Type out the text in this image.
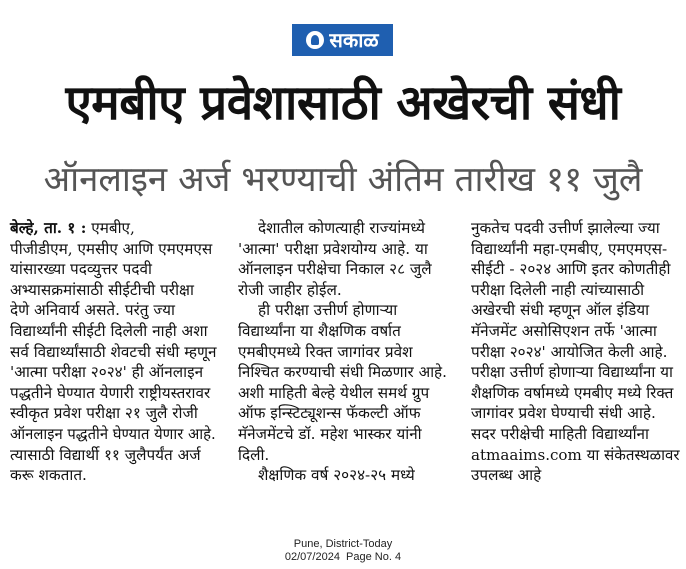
सकाळ
एमबीए प्रवेशासाठी अखेरची संधी
ऑनलाइन अर्ज भरण्याची अंतिम तारीख ११ जुलै
बेल्हे, ता. १ : एमबीए,
पीजीडीएम, एमसीए आणि एमएमएस
यांसारख्या पदव्युत्तर पदवी
अभ्यासक्रमांसाठी सीईटीची परीक्षा
देणे अनिवार्य असते. परंतु ज्या
विद्यार्थ्यांनी सीईटी दिलेली नाही अशा
सर्व विद्यार्थ्यांसाठी शेवटची संधी म्हणून
'आत्मा परीक्षा २०२४' ही ऑनलाइन
पद्धतीने घेण्यात येणारी राष्ट्रीयस्तरावर
स्वीकृत प्रवेश परीक्षा २१ जुलै रोजी
ऑनलाइन पद्धतीने घेण्यात येणार आहे.
त्यासाठी विद्यार्थी ११ जुलैपर्यंत अर्ज
करू शकतात.
देशातील कोणत्याही राज्यांमध्ये
'आत्मा' परीक्षा प्रवेशयोग्य आहे. या
ऑनलाइन परीक्षेचा निकाल २८ जुलै
रोजी जाहीर होईल.
ही परीक्षा उत्तीर्ण होणाऱ्या
विद्यार्थ्यांना या शैक्षणिक वर्षात
एमबीएमध्ये रिक्त जागांवर प्रवेश
निश्चित करण्याची संधी मिळणार आहे.
अशी माहिती बेल्हे येथील समर्थ ग्रुप
ऑफ इन्स्टिट्यूशन्स फॅकल्टी ऑफ
मॅनेजमेंटचे डॉ. महेश भास्कर यांनी
दिली.
शैक्षणिक वर्ष २०२४-२५ मध्ये
नुकतेच पदवी उत्तीर्ण झालेल्या ज्या
विद्यार्थ्यांनी महा-एमबीए, एमएमएस-
सीईटी - २०२४ आणि इतर कोणतीही
परीक्षा दिलेली नाही त्यांच्यासाठी
अखेरची संधी म्हणून ऑल इंडिया
मॅनेजमेंट असोसिएशन तर्फे 'आत्मा
परीक्षा २०२४' आयोजित केली आहे.
परीक्षा उत्तीर्ण होणाऱ्या विद्यार्थ्यांना या
शैक्षणिक वर्षामध्ये एमबीए मध्ये रिक्त
जागांवर प्रवेश घेण्याची संधी आहे.
सदर परीक्षेची माहिती विद्यार्थ्यांना
atmaaims.com या संकेतस्थळावर
उपलब्ध आहे
Pune, District-Today
02/07/2024  Page No. 4
